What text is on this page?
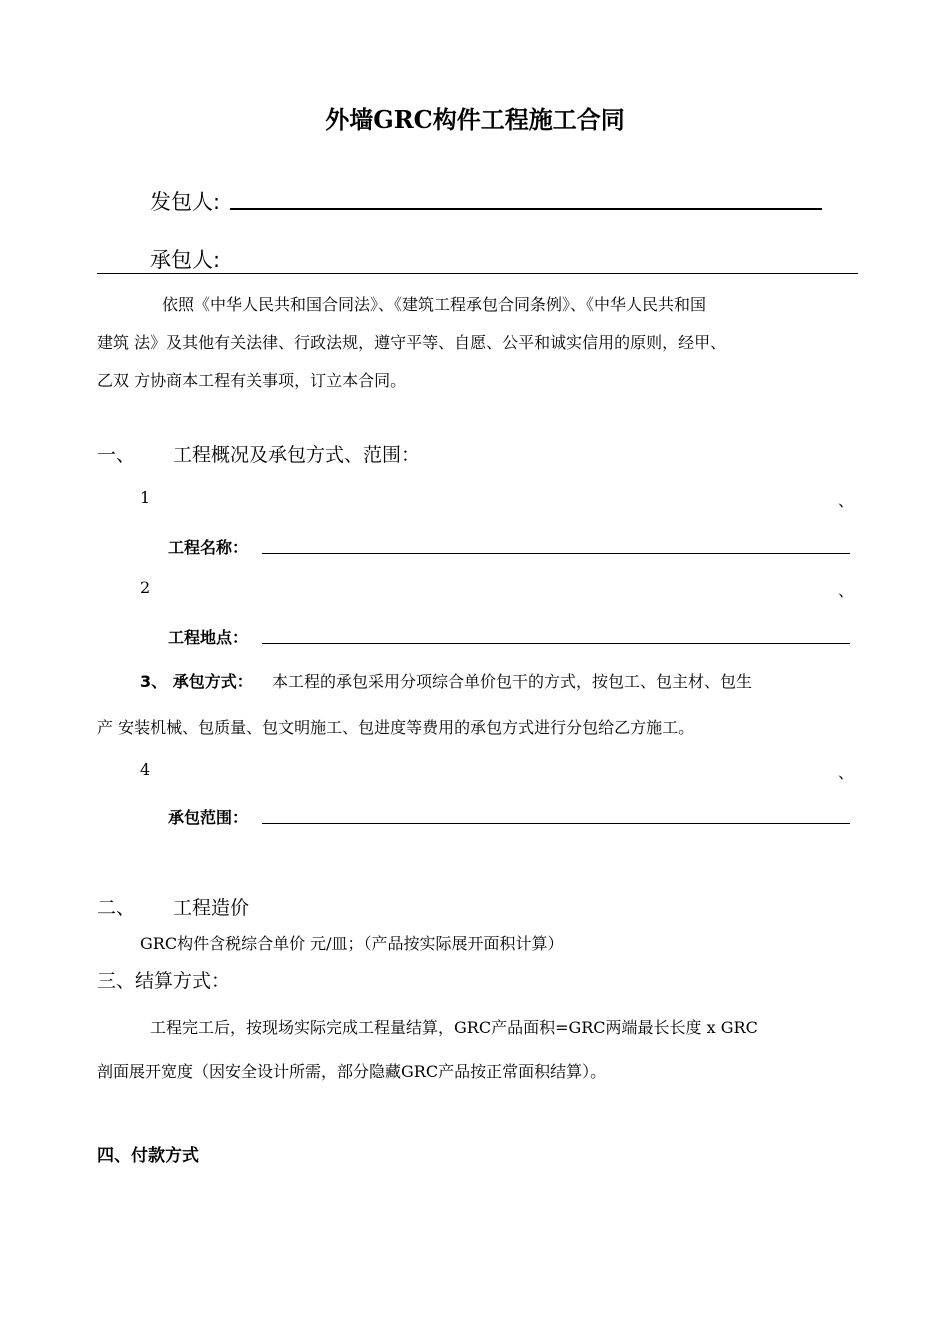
外墙GRC构件工程施工合同
发包人:
承包人:
依照《中华人民共和国合同法》、《建筑工程承包合同条例》、《中华人民共和国
建筑 法》及其他有关法律、行政法规，遵守平等、自愿、公平和诚实信用的原则，经甲、
乙双 方协商本工程有关事项，订立本合同。
一、 工程概况及承包方式、范围：
1	、
工程名称：
2	、
工程地点：
3、 承包方式： 本工程的承包采用分项综合单价包干的方式，按包工、包主材、包生
产 安装机械、包质量、包文明施工、包进度等费用的承包方式进行分包给乙方施工。
4	、
承包范围：
二、 工程造价
GRC构件含税综合单价 元/皿；（产品按实际展开面积计算）
三、结算方式：
工程完工后，按现场实际完成工程量结算，GRC产品面积=GRC两端最长长度 x GRC
剖面展开宽度（因安全设计所需，部分隐藏GRC产品按正常面积结算）。
四、付款方式
